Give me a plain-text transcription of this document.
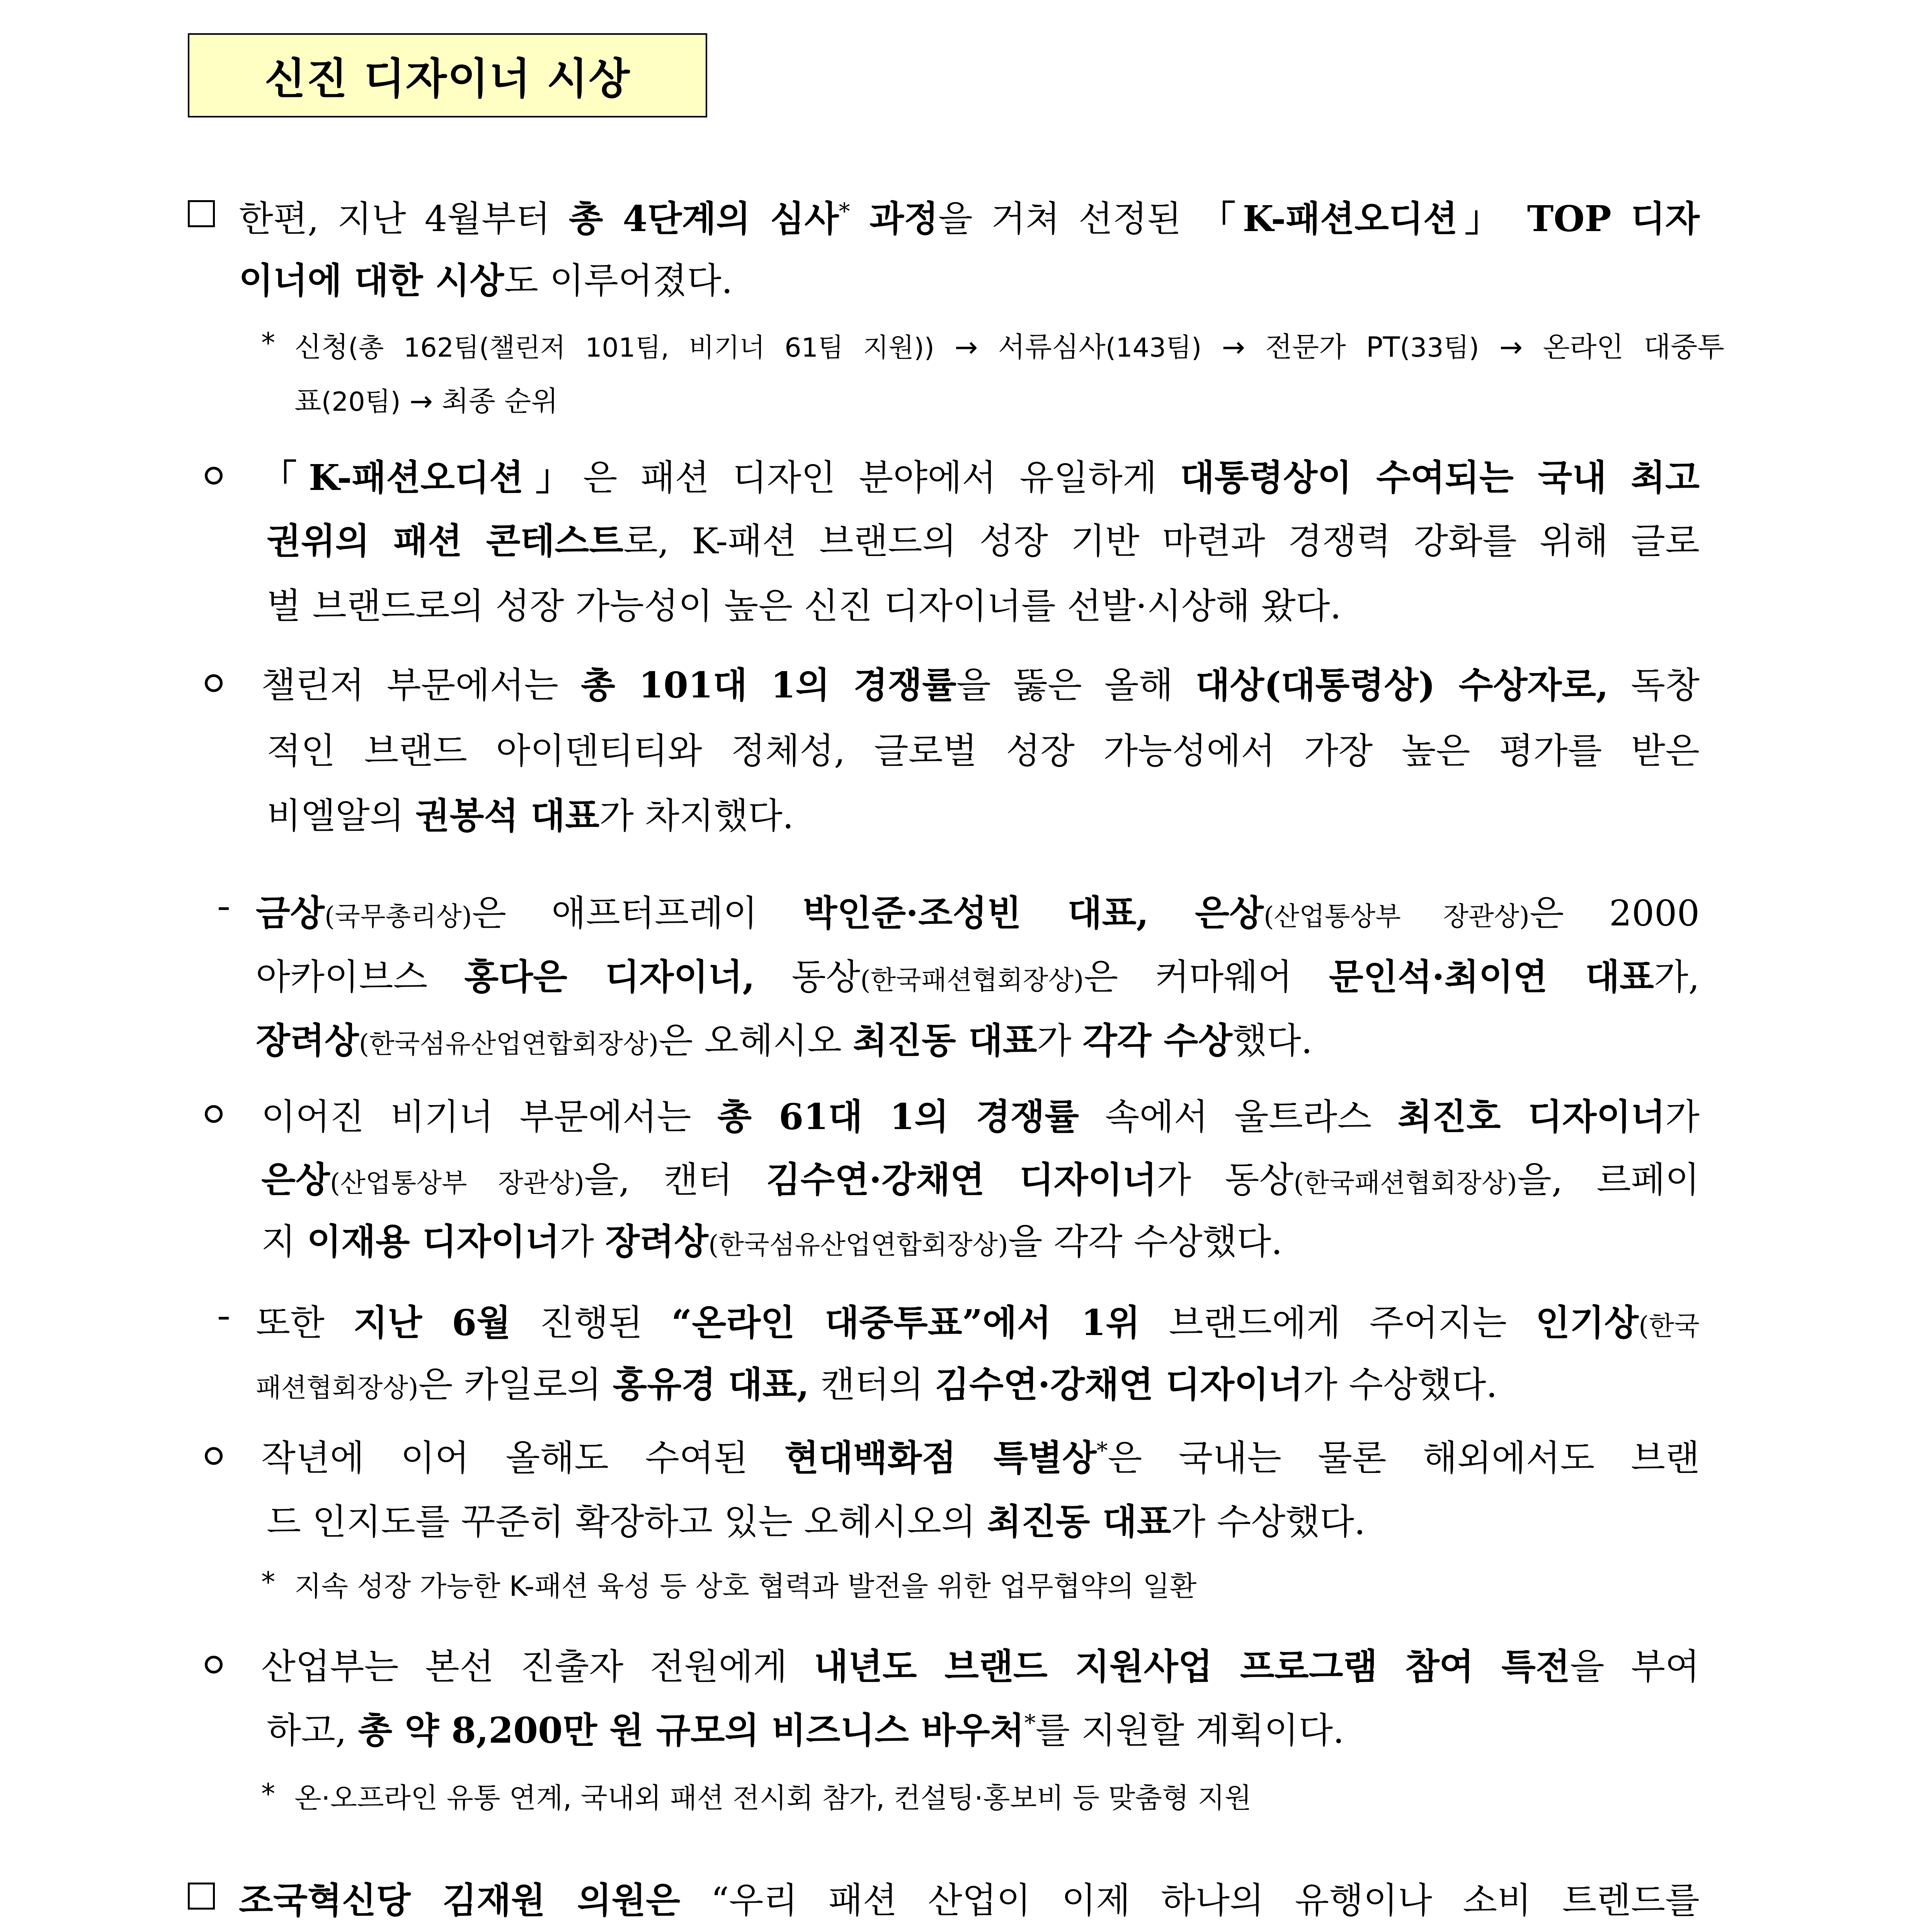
신진 디자이너 시상
한편, 지난 4월부터 총 4단계의 심사* 과정을 거쳐 선정된 「K-패션오디션」 TOP 디자
이너에 대한 시상도 이루어졌다.
* 신청(총 162팀(챌린저 101팀, 비기너 61팀 지원)) → 서류심사(143팀) → 전문가 PT(33팀) → 온라인 대중투
표(20팀) → 최종 순위
「K-패션오디션」은 패션 디자인 분야에서 유일하게 대통령상이 수여되는 국내 최고
권위의 패션 콘테스트로, K-패션 브랜드의 성장 기반 마련과 경쟁력 강화를 위해 글로
벌 브랜드로의 성장 가능성이 높은 신진 디자이너를 선발·시상해 왔다.
챌린저 부문에서는 총 101대 1의 경쟁률을 뚫은 올해 대상(대통령상) 수상자로, 독창
적인 브랜드 아이덴티티와 정체성, 글로벌 성장 가능성에서 가장 높은 평가를 받은
비엘알의 권봉석 대표가 차지했다.
금상(국무총리상)은 애프터프레이 박인준·조성빈 대표, 은상(산업통상부 장관상)은 2000
아카이브스 홍다은 디자이너, 동상(한국패션협회장상)은 커마웨어 문인석·최이연 대표가,
장려상(한국섬유산업연합회장상)은 오헤시오 최진동 대표가 각각 수상했다.
이어진 비기너 부문에서는 총 61대 1의 경쟁률 속에서 울트라스 최진호 디자이너가
은상(산업통상부 장관상)을, 캔터 김수연·강채연 디자이너가 동상(한국패션협회장상)을, 르페이
지 이재용 디자이너가 장려상(한국섬유산업연합회장상)을 각각 수상했다.
또한 지난 6월 진행된 “온라인 대중투표”에서 1위 브랜드에게 주어지는 인기상(한국
패션협회장상)은 카일로의 홍유경 대표, 캔터의 김수연·강채연 디자이너가 수상했다.
작년에 이어 올해도 수여된 현대백화점 특별상*은 국내는 물론 해외에서도 브랜
드 인지도를 꾸준히 확장하고 있는 오헤시오의 최진동 대표가 수상했다.
* 지속 성장 가능한 K-패션 육성 등 상호 협력과 발전을 위한 업무협약의 일환
산업부는 본선 진출자 전원에게 내년도 브랜드 지원사업 프로그램 참여 특전을 부여
하고, 총 약 8,200만 원 규모의 비즈니스 바우처*를 지원할 계획이다.
* 온·오프라인 유통 연계, 국내외 패션 전시회 참가, 컨설팅·홍보비 등 맞춤형 지원
조국혁신당 김재원 의원은 “우리 패션 산업이 이제 하나의 유행이나 소비 트렌드를
